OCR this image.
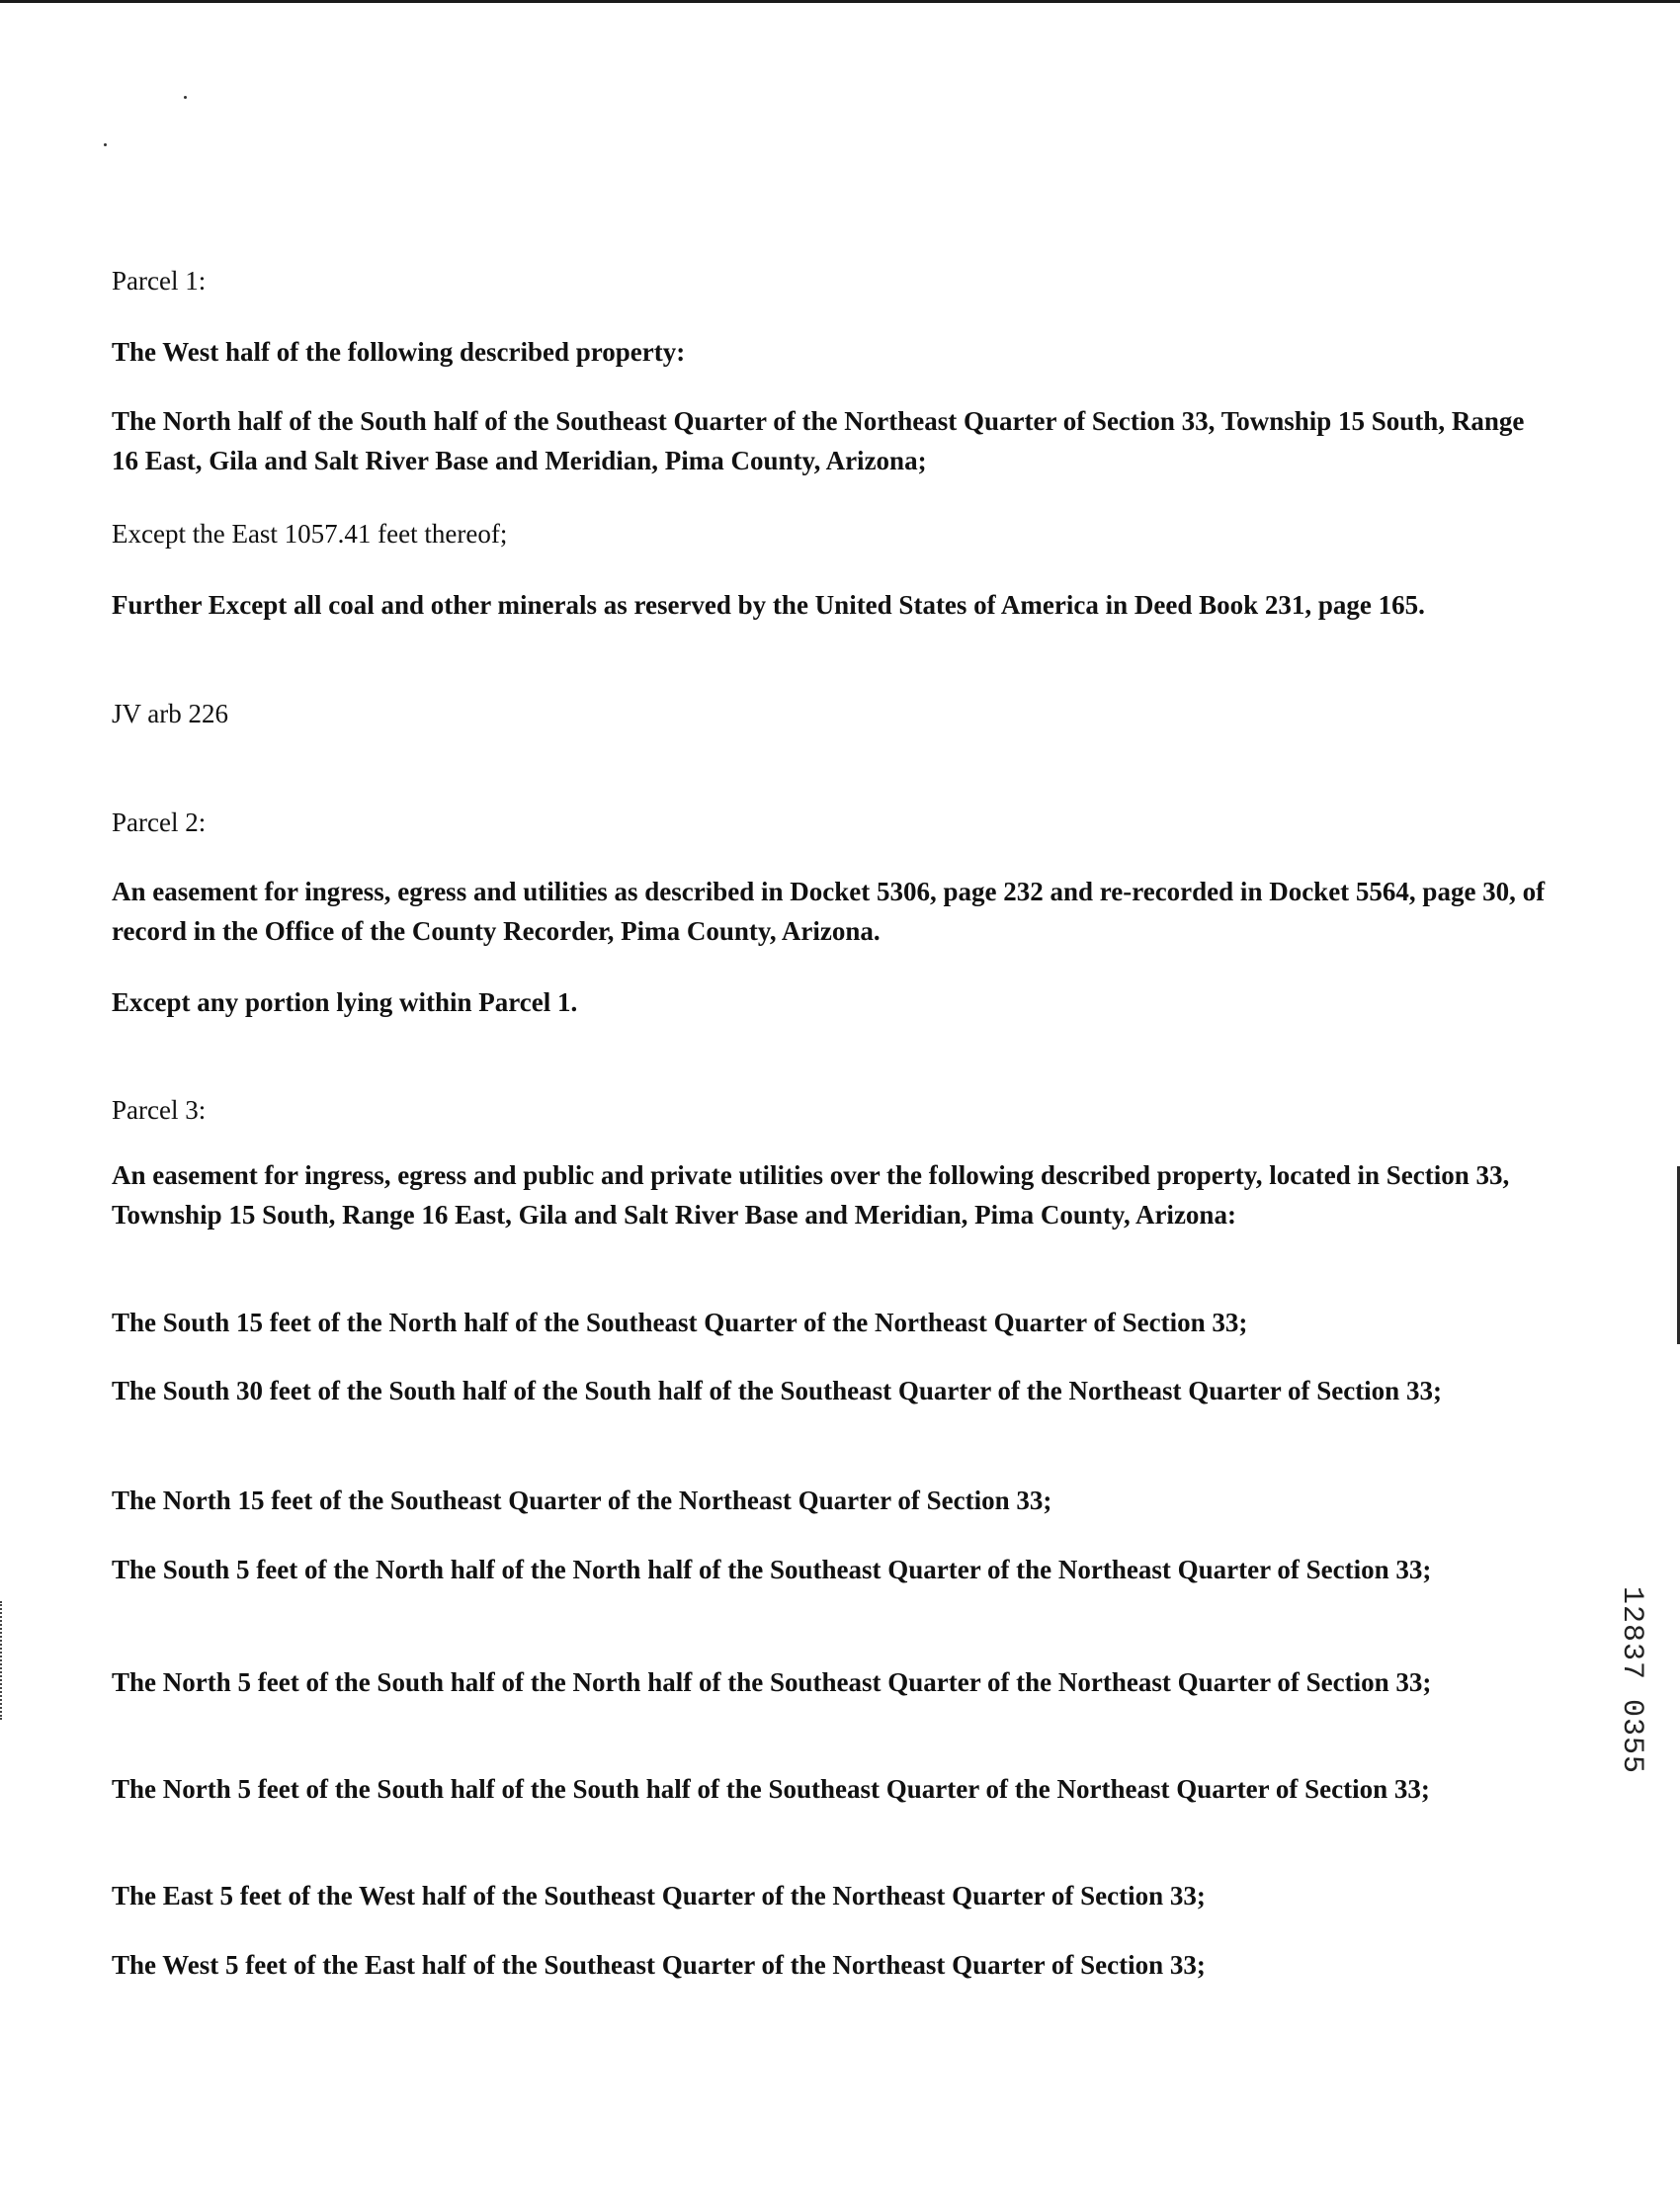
Parcel 1:

The West half of the following described property:

The North half of the South half of the Southeast Quarter of the Northeast Quarter of Section 33, Township 15 South, Range 16 East, Gila and Salt River Base and Meridian, Pima County, Arizona;

Except the East 1057.41 feet thereof;

Further Except all coal and other minerals as reserved by the United States of America in Deed Book 231, page 165.

JV arb 226

Parcel 2:

An easement for ingress, egress and utilities as described in Docket 5306, page 232 and re-recorded in Docket 5564, page 30, of record in the Office of the County Recorder, Pima County, Arizona.

Except any portion lying within Parcel 1.

Parcel 3:

An easement for ingress, egress and public and private utilities over the following described property, located in Section 33, Township 15 South, Range 16 East, Gila and Salt River Base and Meridian, Pima County, Arizona:

The South 15 feet of the North half of the Southeast Quarter of the Northeast Quarter of Section 33;

The South 30 feet of the South half of the South half of the Southeast Quarter of the Northeast Quarter of Section 33;

The North 15 feet of the Southeast Quarter of the Northeast Quarter of Section 33;

The South 5 feet of the North half of the North half of the Southeast Quarter of the Northeast Quarter of Section 33;

The North 5 feet of the South half of the North half of the Southeast Quarter of the Northeast Quarter of Section 33;

The North 5 feet of the South half of the South half of the Southeast Quarter of the Northeast Quarter of Section 33;

The East 5 feet of the West half of the Southeast Quarter of the Northeast Quarter of Section 33;

The West 5 feet of the East half of the Southeast Quarter of the Northeast Quarter of Section 33;

12837 0355
